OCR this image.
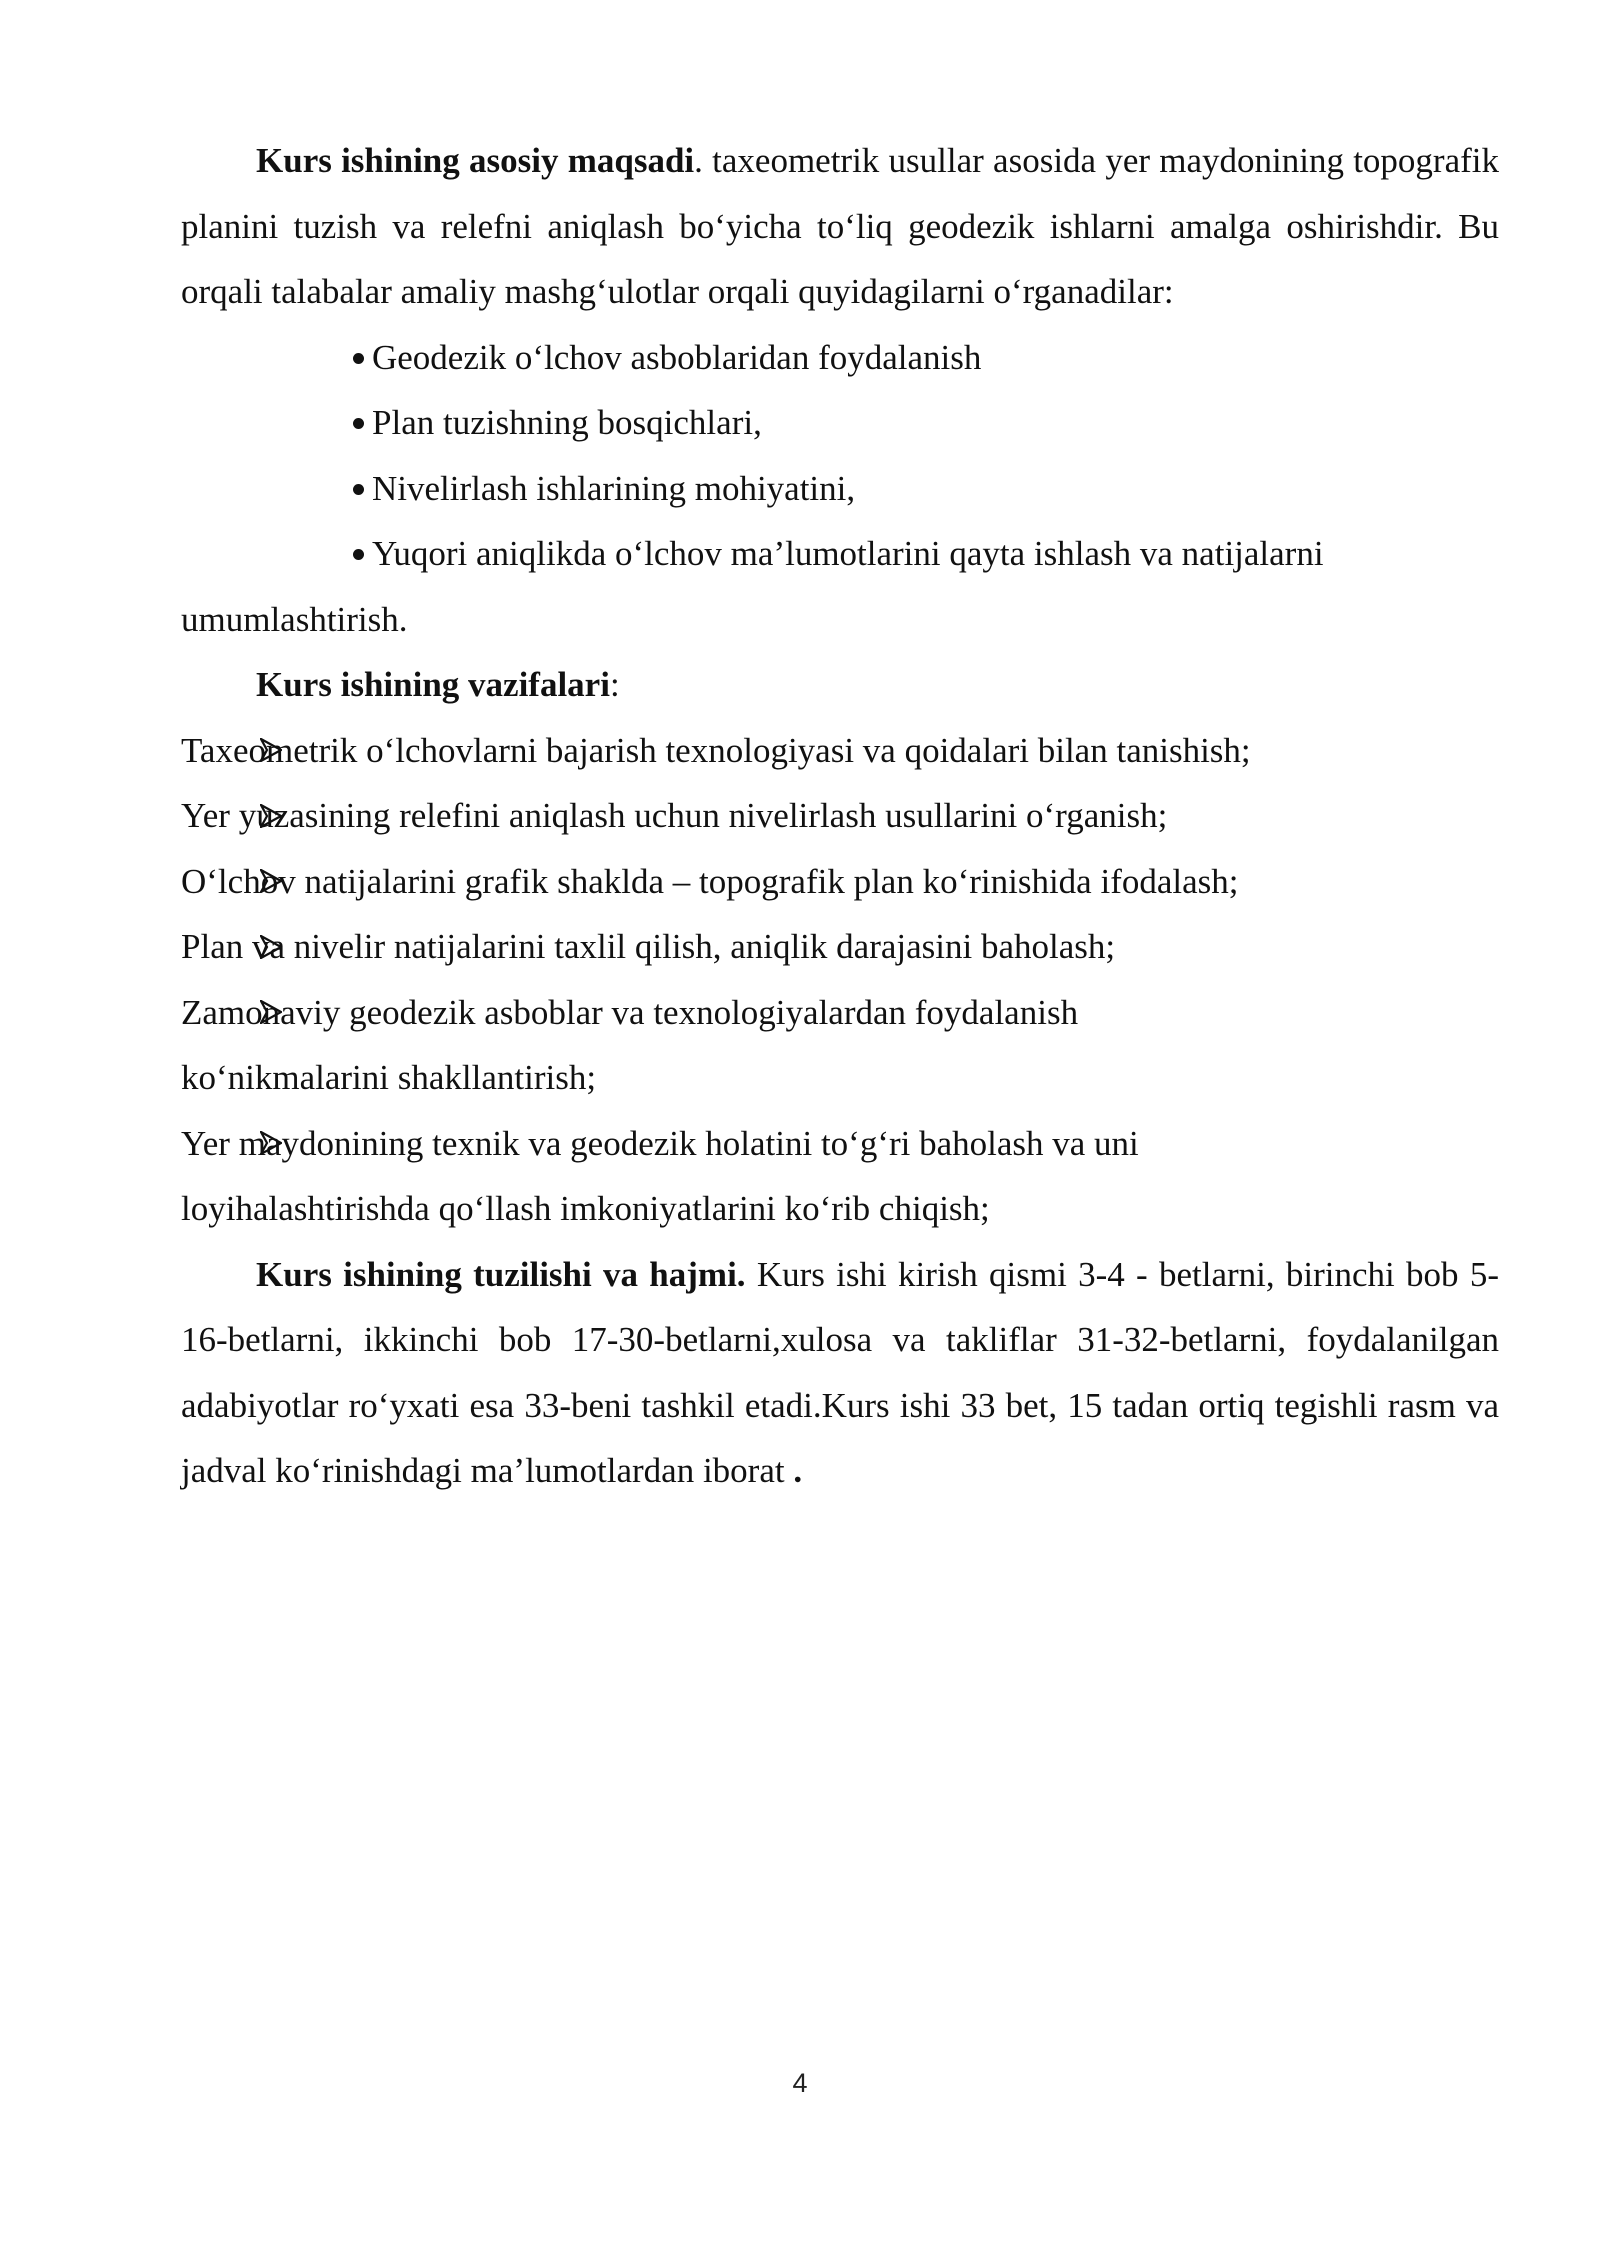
Kurs ishining asosiy maqsadi. taxeometrik usullar asosida yer maydonining topografik planini tuzish va relefni aniqlash bo‘yicha to‘liq geodezik ishlarni amalga oshirishdir. Bu orqali talabalar amaliy mashg‘ulotlar orqali quyidagilarni o‘rganadilar:

Geodezik o‘lchov asboblaridan foydalanish
Plan tuzishning bosqichlari,
Nivelirlash ishlarining mohiyatini,
Yuqori aniqlikda o‘lchov ma’lumotlarini qayta ishlash va natijalarni
umumlashtirish.

Kurs ishining vazifalari:

Taxeometrik o‘lchovlarni bajarish texnologiyasi va qoidalari bilan tanishish;
Yer yuzasining relefini aniqlash uchun nivelirlash usullarini o‘rganish;
O‘lchov natijalarini grafik shaklda – topografik plan ko‘rinishida ifodalash;
Plan va nivelir natijalarini taxlil qilish, aniqlik darajasini baholash;
Zamonaviy geodezik asboblar va texnologiyalardan foydalanish
ko‘nikmalarini shakllantirish;
Yer maydonining texnik va geodezik holatini to‘g‘ri baholash va uni
loyihalashtirishda qo‘llash imkoniyatlarini ko‘rib chiqish;

Kurs ishining tuzilishi va hajmi. Kurs ishi kirish qismi 3-4 - betlarni, birinchi bob 5-16-betlarni, ikkinchi bob 17-30-betlarni,xulosa va takliflar 31-32-betlarni, foydalanilgan adabiyotlar ro‘yxati esa 33-beni tashkil etadi.Kurs ishi 33 bet, 15 tadan ortiq tegishli rasm va jadval ko‘rinishdagi ma’lumotlardan iborat .

4
